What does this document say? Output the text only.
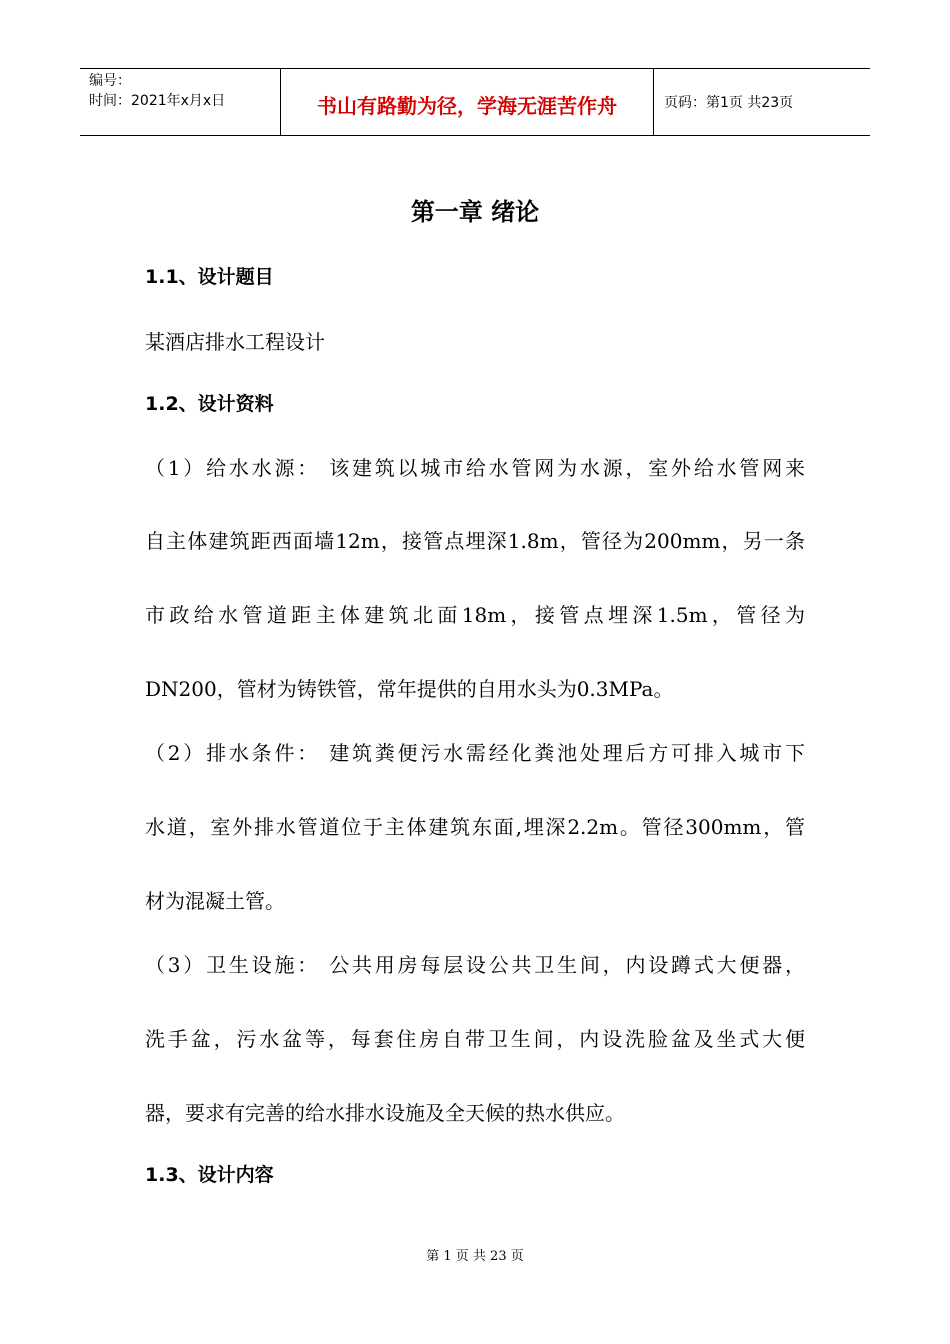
编号：
时间：2021年x月x日	书山有路勤为径，学海无涯苦作舟	页码：第1页 共23页
第一章 绪论
1.1、设计题目
某酒店排水工程设计
1.2、设计资料
（1）给水水源： 该建筑以城市给水管网为水源，室外给水管网来
自主体建筑距西面墙12m，接管点埋深1.8m，管径为200mm，另一条
市政给水管道距主体建筑北面18m，接管点埋深1.5m，管径为
DN200，管材为铸铁管，常年提供的自用水头为0.3MPa。
（2）排水条件： 建筑粪便污水需经化粪池处理后方可排入城市下
水道，室外排水管道位于主体建筑东面,埋深2.2m。管径300mm，管
材为混凝土管。
（3）卫生设施： 公共用房每层设公共卫生间，内设蹲式大便器，
洗手盆，污水盆等，每套住房自带卫生间，内设洗脸盆及坐式大便
器，要求有完善的给水排水设施及全天候的热水供应。
1.3、设计内容
第 1 页 共 23 页
